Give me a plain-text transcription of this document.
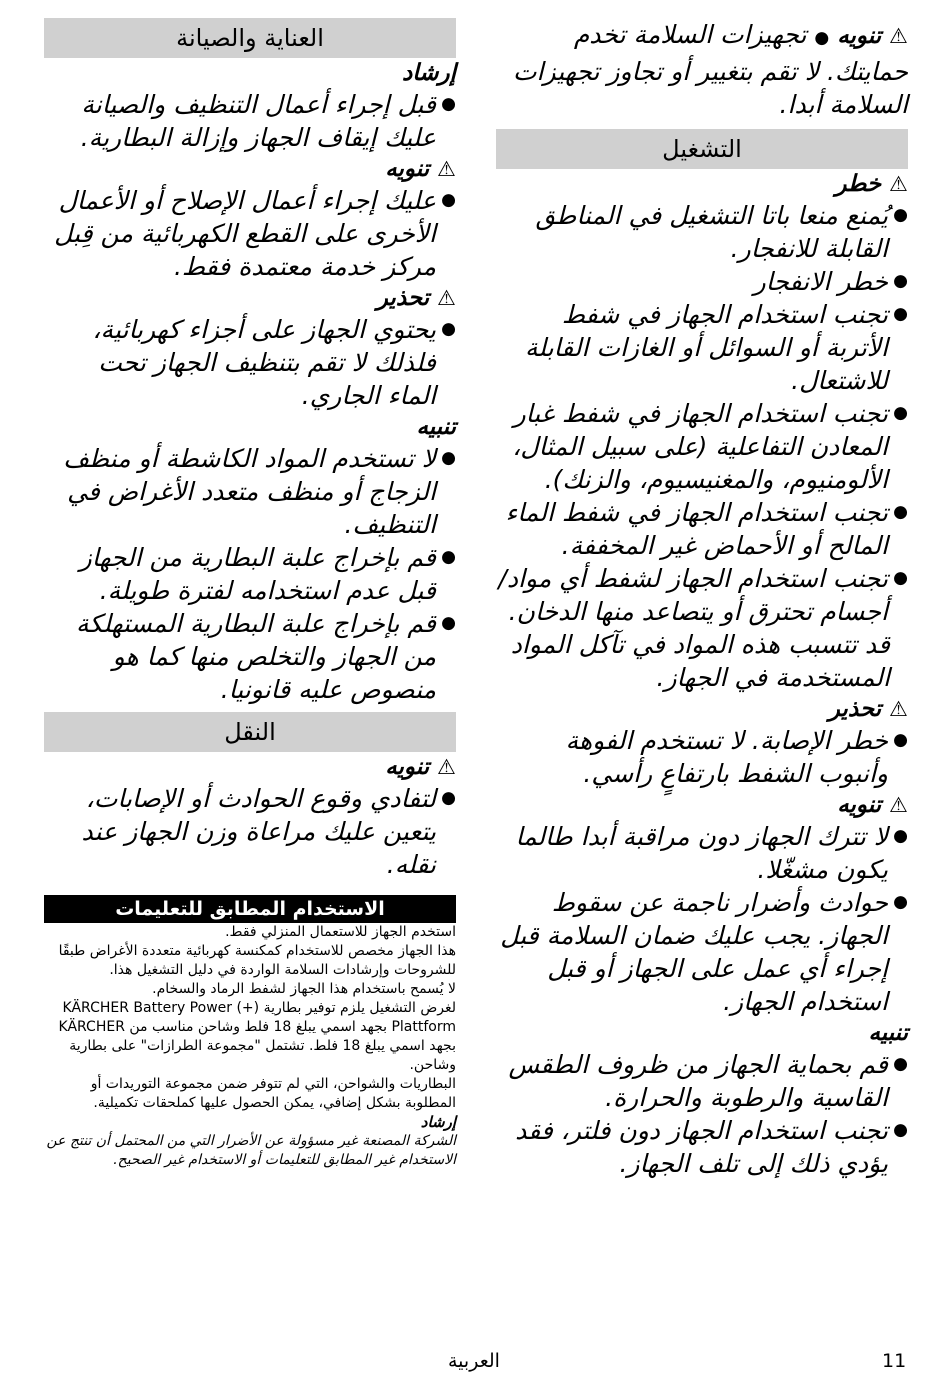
⚠ تنويه ● تجهيزات السلامة تخدم حمايتك. لا تقم بتغيير أو تجاوز تجهيزات السلامة أبدا.
التشغيل
⚠ خطر
● يُمنع منعا باتا التشغيل في المناطق القابلة للانفجار.
● خطر الانفجار
● تجنب استخدام الجهاز في شفط الأتربة أو السوائل أو الغازات القابلة للاشتعال.
● تجنب استخدام الجهاز في شفط غبار المعادن التفاعلية (على سبيل المثال، الألومنيوم، والمغنيسيوم، والزنك).
● تجنب استخدام الجهاز في شفط الماء المالح أو الأحماض غير المخففة.
● تجنب استخدام الجهاز لشفط أي مواد/أجسام تحترق أو يتصاعد منها الدخان.
قد تتسبب هذه المواد في تآكل المواد المستخدمة في الجهاز.
⚠ تحذير
● خطر الإصابة. لا تستخدم الفوهة وأنبوب الشفط بارتفاعٍ رأسي.
⚠ تنويه
● لا تترك الجهاز دون مراقبة أبدا طالما يكون مشغّلا.
● حوادث وأضرار ناجمة عن سقوط الجهاز. يجب عليك ضمان السلامة قبل إجراء أي عمل على الجهاز أو قبل استخدام الجهاز.
تنبيه
● قم بحماية الجهاز من ظروف الطقس القاسية والرطوبة والحرارة.
● تجنب استخدام الجهاز دون فلتر، فقد يؤدي ذلك إلى تلف الجهاز.
العناية والصيانة
إرشاد
● قبل إجراء أعمال التنظيف والصيانة عليك إيقاف الجهاز وإزالة البطارية.
⚠ تنويه
● عليك إجراء أعمال الإصلاح أو الأعمال الأخرى على القطع الكهربائية من قِبل مركز خدمة معتمدة فقط.
⚠ تحذير
● يحتوي الجهاز على أجزاء كهربائية، فلذلك لا تقم بتنظيف الجهاز تحت الماء الجاري.
تنبيه
● لا تستخدم المواد الكاشطة أو منظف الزجاج أو منظف متعدد الأغراض في التنظيف.
● قم بإخراج علبة البطارية من الجهاز قبل عدم استخدامه لفترة طويلة.
● قم بإخراج علبة البطارية المستهلكة من الجهاز والتخلص منها كما هو منصوص عليه قانونيا.
النقل
⚠ تنويه
● لتفادي وقوع الحوادث أو الإصابات، يتعين عليك مراعاة وزن الجهاز عند نقله.
الاستخدام المطابق للتعليمات
استخدم الجهاز للاستعمال المنزلي فقط.
هذا الجهاز مخصص للاستخدام كمكنسة كهربائية متعددة الأغراض طبقًا للشروحات وإرشادات السلامة الواردة في دليل التشغيل هذا.
لا يُسمح باستخدام هذا الجهاز لشفط الرماد والسخام.
لغرض التشغيل يلزم توفير بطارية KÄRCHER Battery Power (+) Plattform بجهد اسمي يبلغ 18 فلط وشاحن مناسب من KÄRCHER بجهد اسمي يبلغ 18 فلط. تشتمل "مجموعة الطرازات" على بطارية وشاحن.
البطاريات والشواحن، التي لم تتوفر ضمن مجموعة التوريدات أو المطلوبة بشكل إضافي، يمكن الحصول عليها كملحقات تكميلية.
إرشاد
الشركة المصنعة غير مسؤولة عن الأضرار التي من المحتمل أن تنتج عن الاستخدام غير المطابق للتعليمات أو الاستخدام غير الصحيح.
العربية	11
